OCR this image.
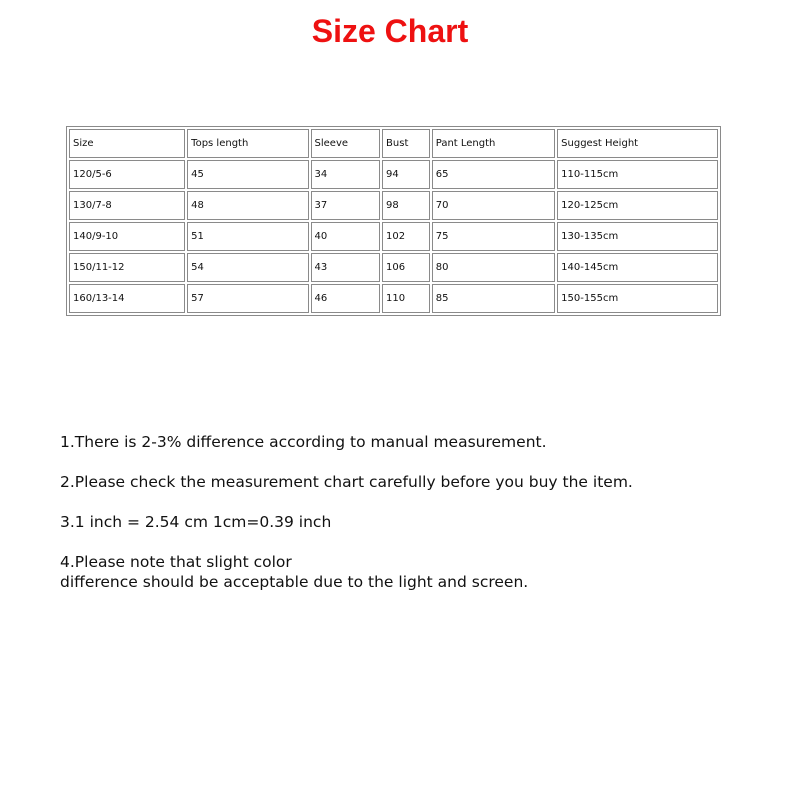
Size Chart
Size	Tops length	Sleeve	Bust	Pant Length	Suggest Height
120/5-6	45	34	94	65	110-115cm
130/7-8	48	37	98	70	120-125cm
140/9-10	51	40	102	75	130-135cm
150/11-12	54	43	106	80	140-145cm
160/13-14	57	46	110	85	150-155cm

1.There is 2-3% difference according to manual measurement.

2.Please check the measurement chart carefully before you buy the item.

3.1 inch = 2.54 cm 1cm=0.39 inch

4.Please note that slight color
difference should be acceptable due to the light and screen.
